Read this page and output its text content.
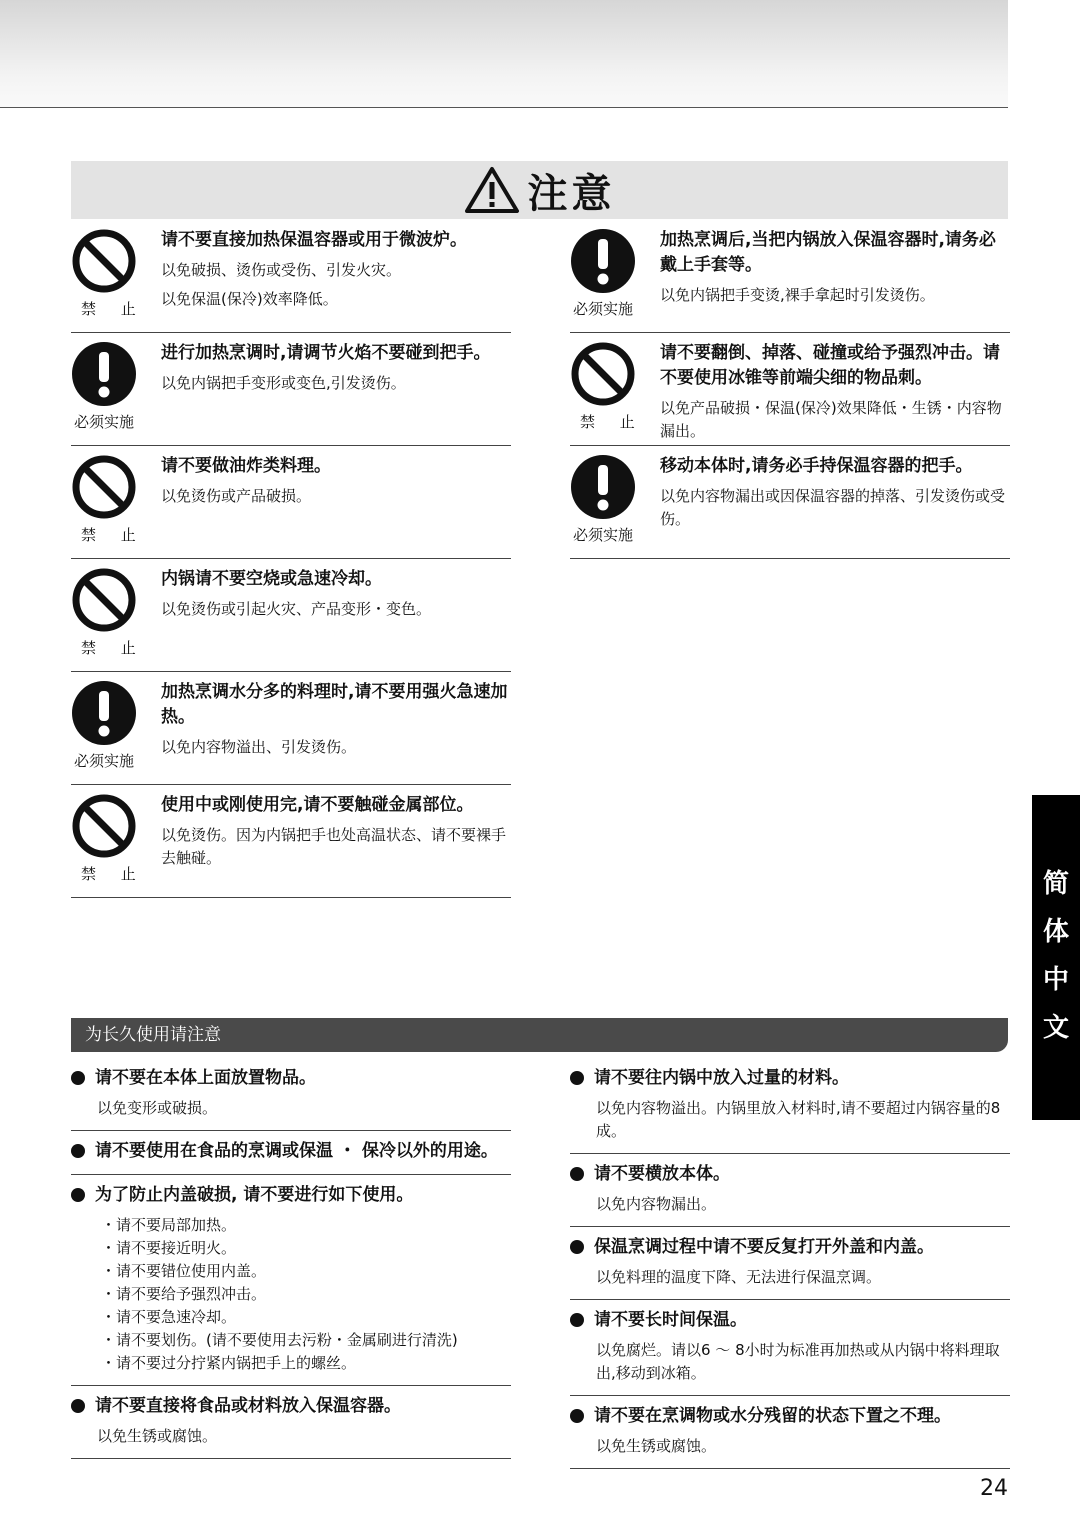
注意
禁 止
请不要直接加热保温容器或用于微波炉。
以免破损、烫伤或受伤、引发火灾。
以免保温(保冷)效率降低。
必须实施
进行加热烹调时,请调节火焰不要碰到把手。
以免内锅把手变形或变色,引发烫伤。
禁 止
请不要做油炸类料理。
以免烫伤或产品破损。
禁 止
内锅请不要空烧或急速冷却。
以免烫伤或引起火灾、产品变形・变色。
必须实施
加热烹调水分多的料理时,请不要用强火急速加热。
以免内容物溢出、引发烫伤。
禁 止
使用中或刚使用完,请不要触碰金属部位。
以免烫伤。因为内锅把手也处高温状态、请不要裸手去触碰。
必须实施
加热烹调后,当把内锅放入保温容器时,请务必戴上手套等。
以免内锅把手变烫,裸手拿起时引发烫伤。
禁 止
请不要翻倒、掉落、碰撞或给予强烈冲击。请不要使用冰锥等前端尖细的物品刺。
以免产品破损・保温(保冷)效果降低・生锈・内容物漏出。
必须实施
移动本体时,请务必手持保温容器的把手。
以免内容物漏出或因保温容器的掉落、引发烫伤或受伤。
为长久使用请注意
请不要在本体上面放置物品。
以免变形或破损。
请不要使用在食品的烹调或保温 ・ 保冷以外的用途。
为了防止内盖破损, 请不要进行如下使用。
・请不要局部加热。
・请不要接近明火。
・请不要错位使用内盖。
・请不要给予强烈冲击。
・请不要急速冷却。
・请不要划伤。(请不要使用去污粉・金属刷进行清洗)
・请不要过分拧紧内锅把手上的螺丝。
请不要直接将食品或材料放入保温容器。
以免生锈或腐蚀。
请不要往内锅中放入过量的材料。
以免内容物溢出。内锅里放入材料时,请不要超过内锅容量的8成。
请不要横放本体。
以免内容物漏出。
保温烹调过程中请不要反复打开外盖和内盖。
以免料理的温度下降、无法进行保温烹调。
请不要长时间保温。
以免腐烂。请以6 ～ 8小时为标准再加热或从内锅中将料理取出,移动到冰箱。
请不要在烹调物或水分残留的状态下置之不理。
以免生锈或腐蚀。
简
体
中
文
24
